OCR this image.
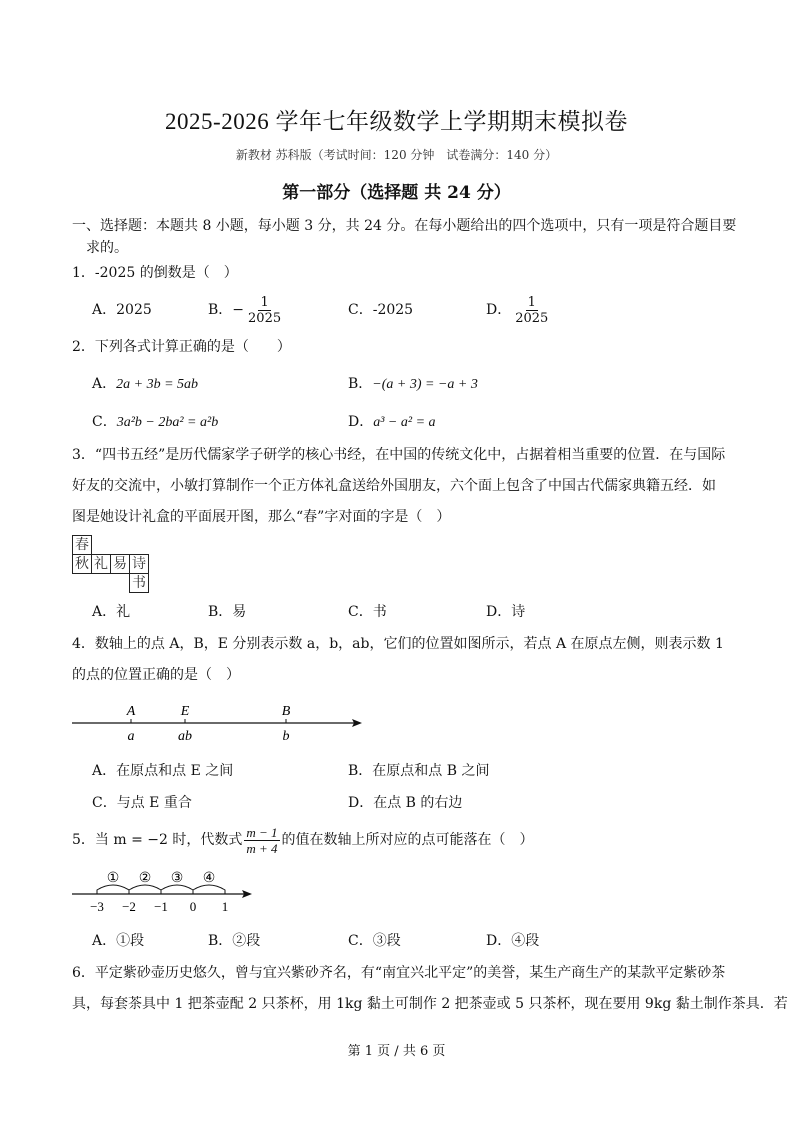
2025-2026 学年七年级数学上学期期末模拟卷
新教材 苏科版（考试时间：120 分钟　试卷满分：140 分）
第一部分（选择题 共 24 分）
一、选择题：本题共 8 小题，每小题 3 分，共 24 分。在每小题给出的四个选项中，只有一项是符合题目要
求的。
1．-2025 的倒数是（　）
A．2025	B．− $\frac{1}{2025}$	C．-2025	D． $\frac{1}{2025}$
2．下列各式计算正确的是（　　）
A．2a + 3b = 5ab	B．−(a + 3) = −a + 3
C．3a²b − 2ba² = a²b	D．a³ − a² = a
3．“四书五经”是历代儒家学子研学的核心书经，在中国的传统文化中，占据着相当重要的位置．在与国际
好友的交流中，小敏打算制作一个正方体礼盒送给外国朋友，六个面上包含了中国古代儒家典籍五经．如
图是她设计礼盒的平面展开图，那么“春”字对面的字是（　）
春
秋 礼 易 诗
书
A．礼	B．易	C．书	D．诗
4．数轴上的点 A，B，E 分别表示数 a，b，ab，它们的位置如图所示，若点 A 在原点左侧，则表示数 1
的点的位置正确的是（　）
A	E	B
a	ab	b
A．在原点和点 E 之间	B．在原点和点 B 之间
C．与点 E 重合	D．在点 B 的右边
5．当 m = −2 时，代数式 $\frac{m - 1}{m + 4}$ 的值在数轴上所对应的点可能落在（　）
① ② ③ ④
−3 −2 −1 0 1
A．①段	B．②段	C．③段	D．④段
6．平定紫砂壶历史悠久，曾与宜兴紫砂齐名，有“南宜兴北平定”的美誉，某生产商生产的某款平定紫砂茶
具，每套茶具中 1 把茶壶配 2 只茶杯，用 1kg 黏土可制作 2 把茶壶或 5 只茶杯，现在要用 9kg 黏土制作茶具．若
第 1 页 / 共 6 页
